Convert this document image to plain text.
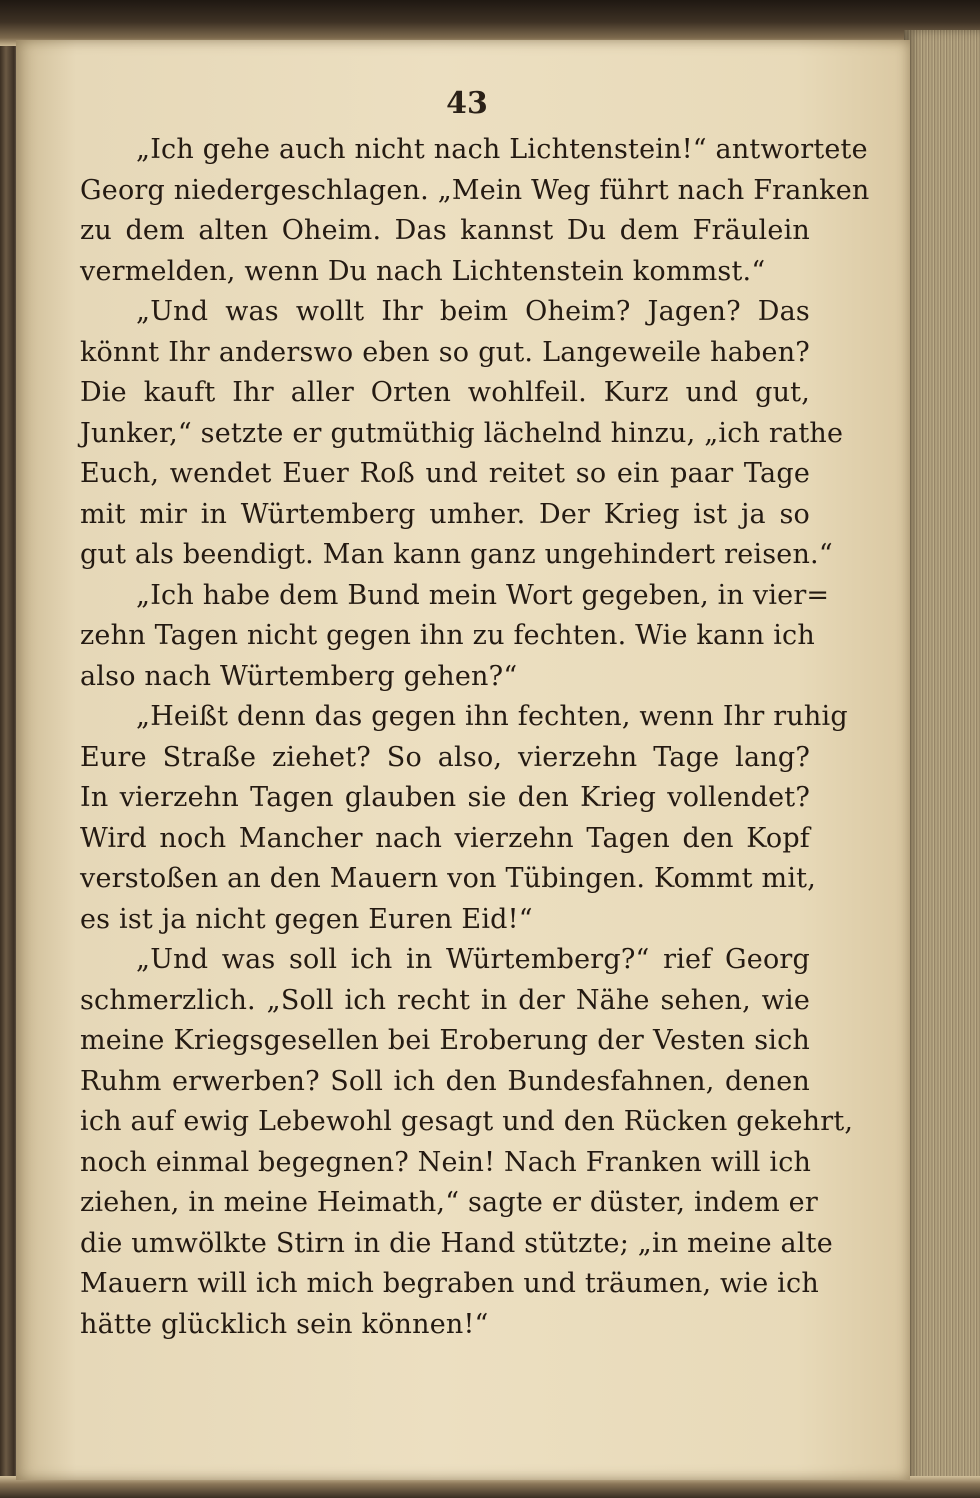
43
„Ich gehe auch nicht nach Lichtenstein!“ antwortete
Georg niedergeschlagen. „Mein Weg führt nach Franken
zu dem alten Oheim. Das kannst Du dem Fräulein
vermelden, wenn Du nach Lichtenstein kommst.“
„Und was wollt Ihr beim Oheim? Jagen? Das
könnt Ihr anderswo eben so gut. Langeweile haben?
Die kauft Ihr aller Orten wohlfeil. Kurz und gut,
Junker,“ setzte er gutmüthig lächelnd hinzu, „ich rathe
Euch, wendet Euer Roß und reitet so ein paar Tage
mit mir in Würtemberg umher. Der Krieg ist ja so
gut als beendigt. Man kann ganz ungehindert reisen.“
„Ich habe dem Bund mein Wort gegeben, in vier=
zehn Tagen nicht gegen ihn zu fechten. Wie kann ich
also nach Würtemberg gehen?“
„Heißt denn das gegen ihn fechten, wenn Ihr ruhig
Eure Straße ziehet? So also, vierzehn Tage lang?
In vierzehn Tagen glauben sie den Krieg vollendet?
Wird noch Mancher nach vierzehn Tagen den Kopf
verstoßen an den Mauern von Tübingen. Kommt mit,
es ist ja nicht gegen Euren Eid!“
„Und was soll ich in Würtemberg?“ rief Georg
schmerzlich. „Soll ich recht in der Nähe sehen, wie
meine Kriegsgesellen bei Eroberung der Vesten sich
Ruhm erwerben? Soll ich den Bundesfahnen, denen
ich auf ewig Lebewohl gesagt und den Rücken gekehrt,
noch einmal begegnen? Nein! Nach Franken will ich
ziehen, in meine Heimath,“ sagte er düster, indem er
die umwölkte Stirn in die Hand stützte; „in meine alte
Mauern will ich mich begraben und träumen, wie ich
hätte glücklich sein können!“
